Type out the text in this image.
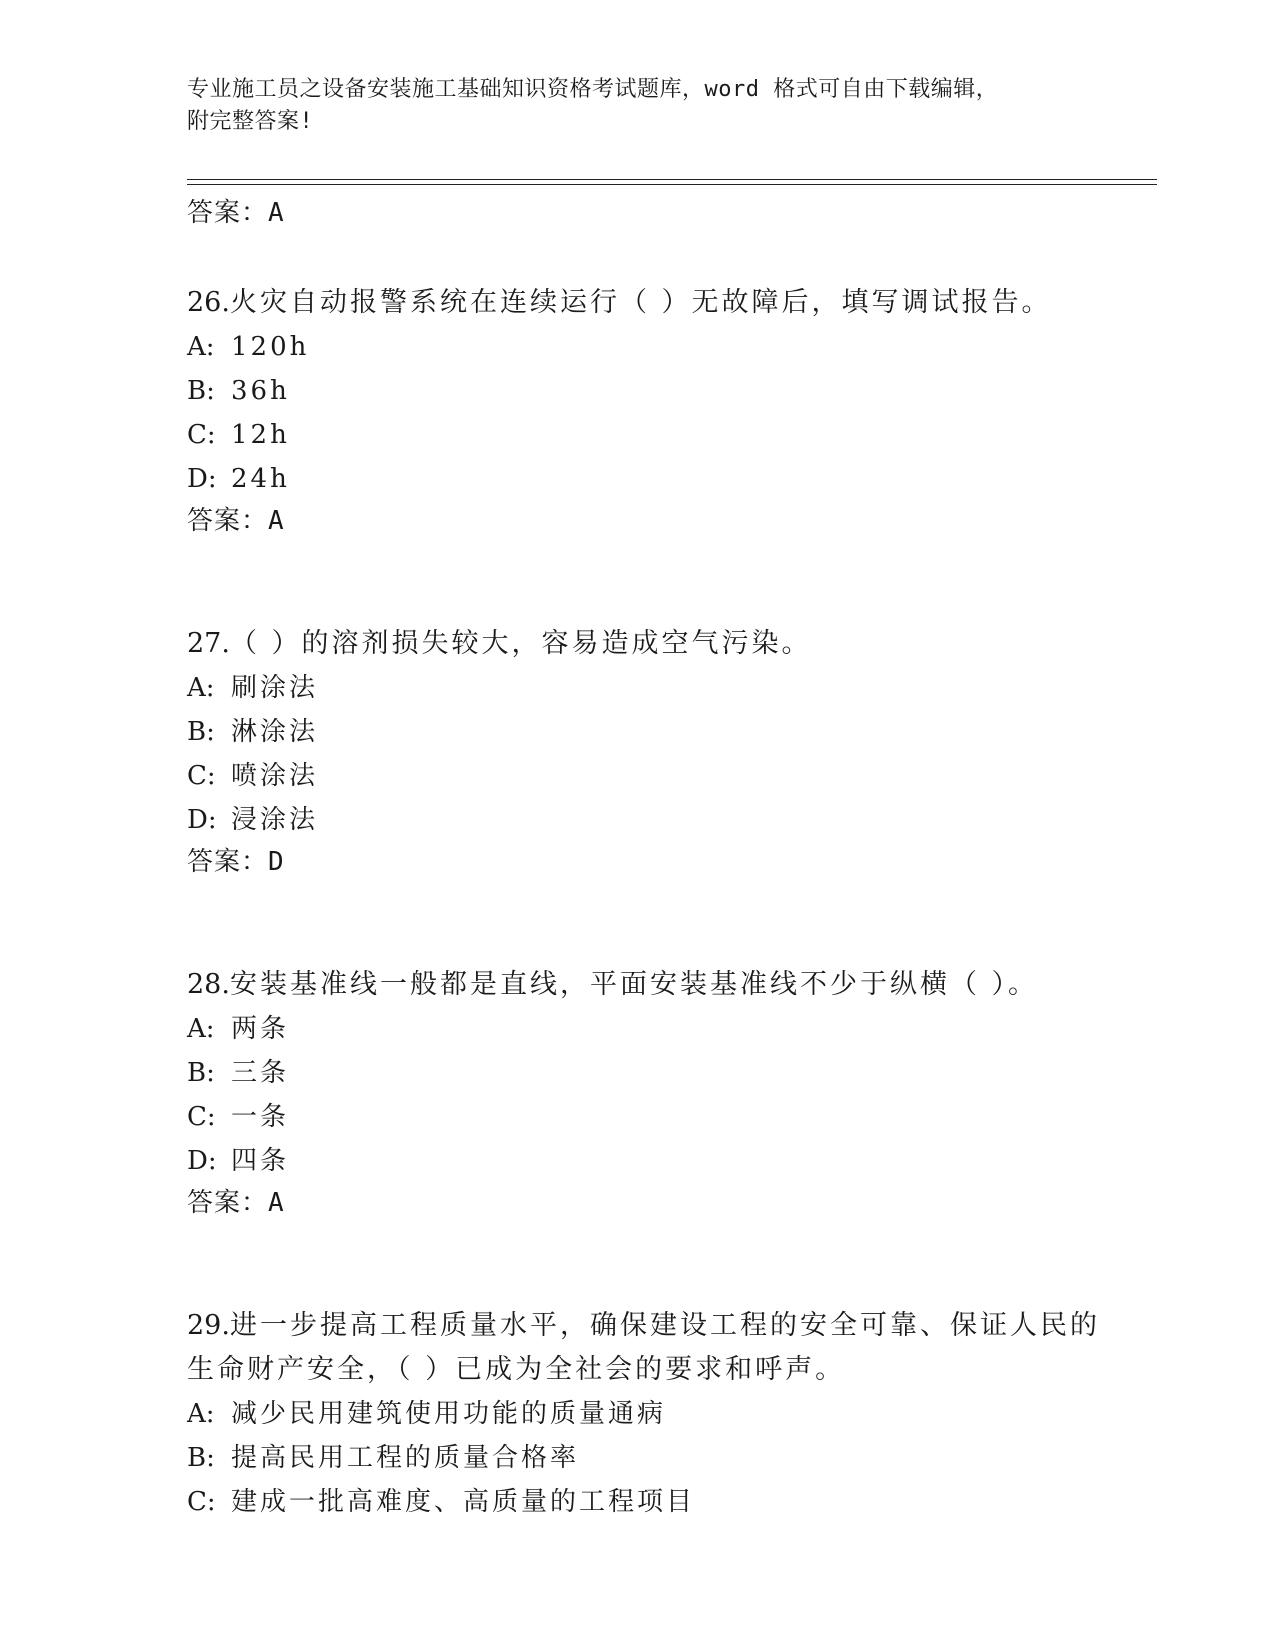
专业施工员之设备安装施工基础知识资格考试题库，word 格式可自由下载编辑，
附完整答案!
答案：A
26.火灾自动报警系统在连续运行（ ）无故障后，填写调试报告。
A: 120h
B: 36h
C: 12h
D: 24h
答案：A
27.（ ）的溶剂损失较大，容易造成空气污染。
A: 刷涂法
B: 淋涂法
C: 喷涂法
D: 浸涂法
答案：D
28.安装基准线一般都是直线，平面安装基准线不少于纵横（ ）。
A: 两条
B: 三条
C: 一条
D: 四条
答案：A
29.进一步提高工程质量水平，确保建设工程的安全可靠、保证人民的
生命财产安全，（ ）已成为全社会的要求和呼声。
A: 减少民用建筑使用功能的质量通病
B: 提高民用工程的质量合格率
C: 建成一批高难度、高质量的工程项目
